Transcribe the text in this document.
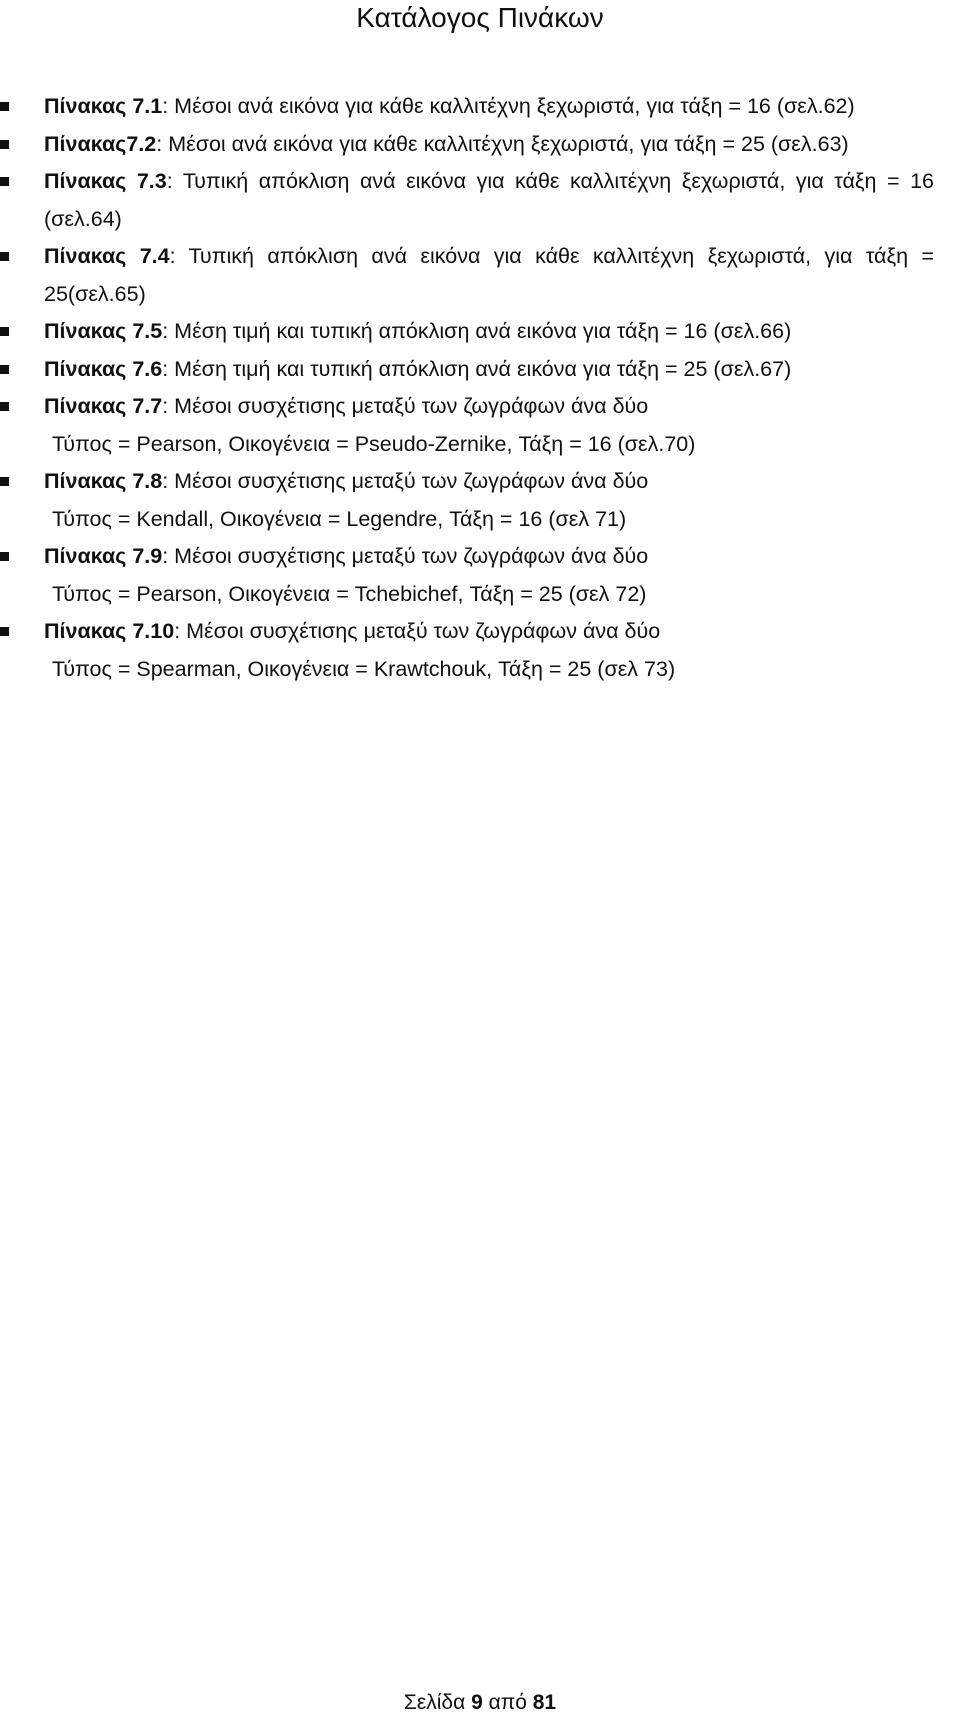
Κατάλογος Πινάκων
Πίνακας 7.1: Μέσοι ανά εικόνα για κάθε καλλιτέχνη ξεχωριστά, για τάξη = 16 (σελ.62)
Πίνακας7.2: Μέσοι ανά εικόνα για κάθε καλλιτέχνη ξεχωριστά, για τάξη = 25 (σελ.63)
Πίνακας 7.3: Τυπική απόκλιση ανά εικόνα για κάθε καλλιτέχνη ξεχωριστά, για τάξη = 16 (σελ.64)
Πίνακας 7.4: Τυπική απόκλιση ανά εικόνα για κάθε καλλιτέχνη ξεχωριστά, για τάξη = 25(σελ.65)
Πίνακας 7.5: Μέση τιμή και τυπική απόκλιση ανά εικόνα για τάξη = 16 (σελ.66)
Πίνακας 7.6: Μέση τιμή και τυπική απόκλιση ανά εικόνα για τάξη = 25 (σελ.67)
Πίνακας 7.7: Μέσοι συσχέτισης μεταξύ των ζωγράφων άνα δύο
Τύπος = Pearson, Οικογένεια = Pseudo-Zernike, Τάξη = 16 (σελ.70)
Πίνακας 7.8: Μέσοι συσχέτισης μεταξύ των ζωγράφων άνα δύο
Τύπος = Kendall, Οικογένεια = Legendre, Τάξη = 16 (σελ 71)
Πίνακας 7.9: Μέσοι συσχέτισης μεταξύ των ζωγράφων άνα δύο
Τύπος = Pearson, Οικογένεια = Tchebichef, Τάξη = 25 (σελ 72)
Πίνακας 7.10: Μέσοι συσχέτισης μεταξύ των ζωγράφων άνα δύο
Τύπος = Spearman, Οικογένεια = Krawtchouk, Τάξη = 25 (σελ 73)
Σελίδα 9 από 81
